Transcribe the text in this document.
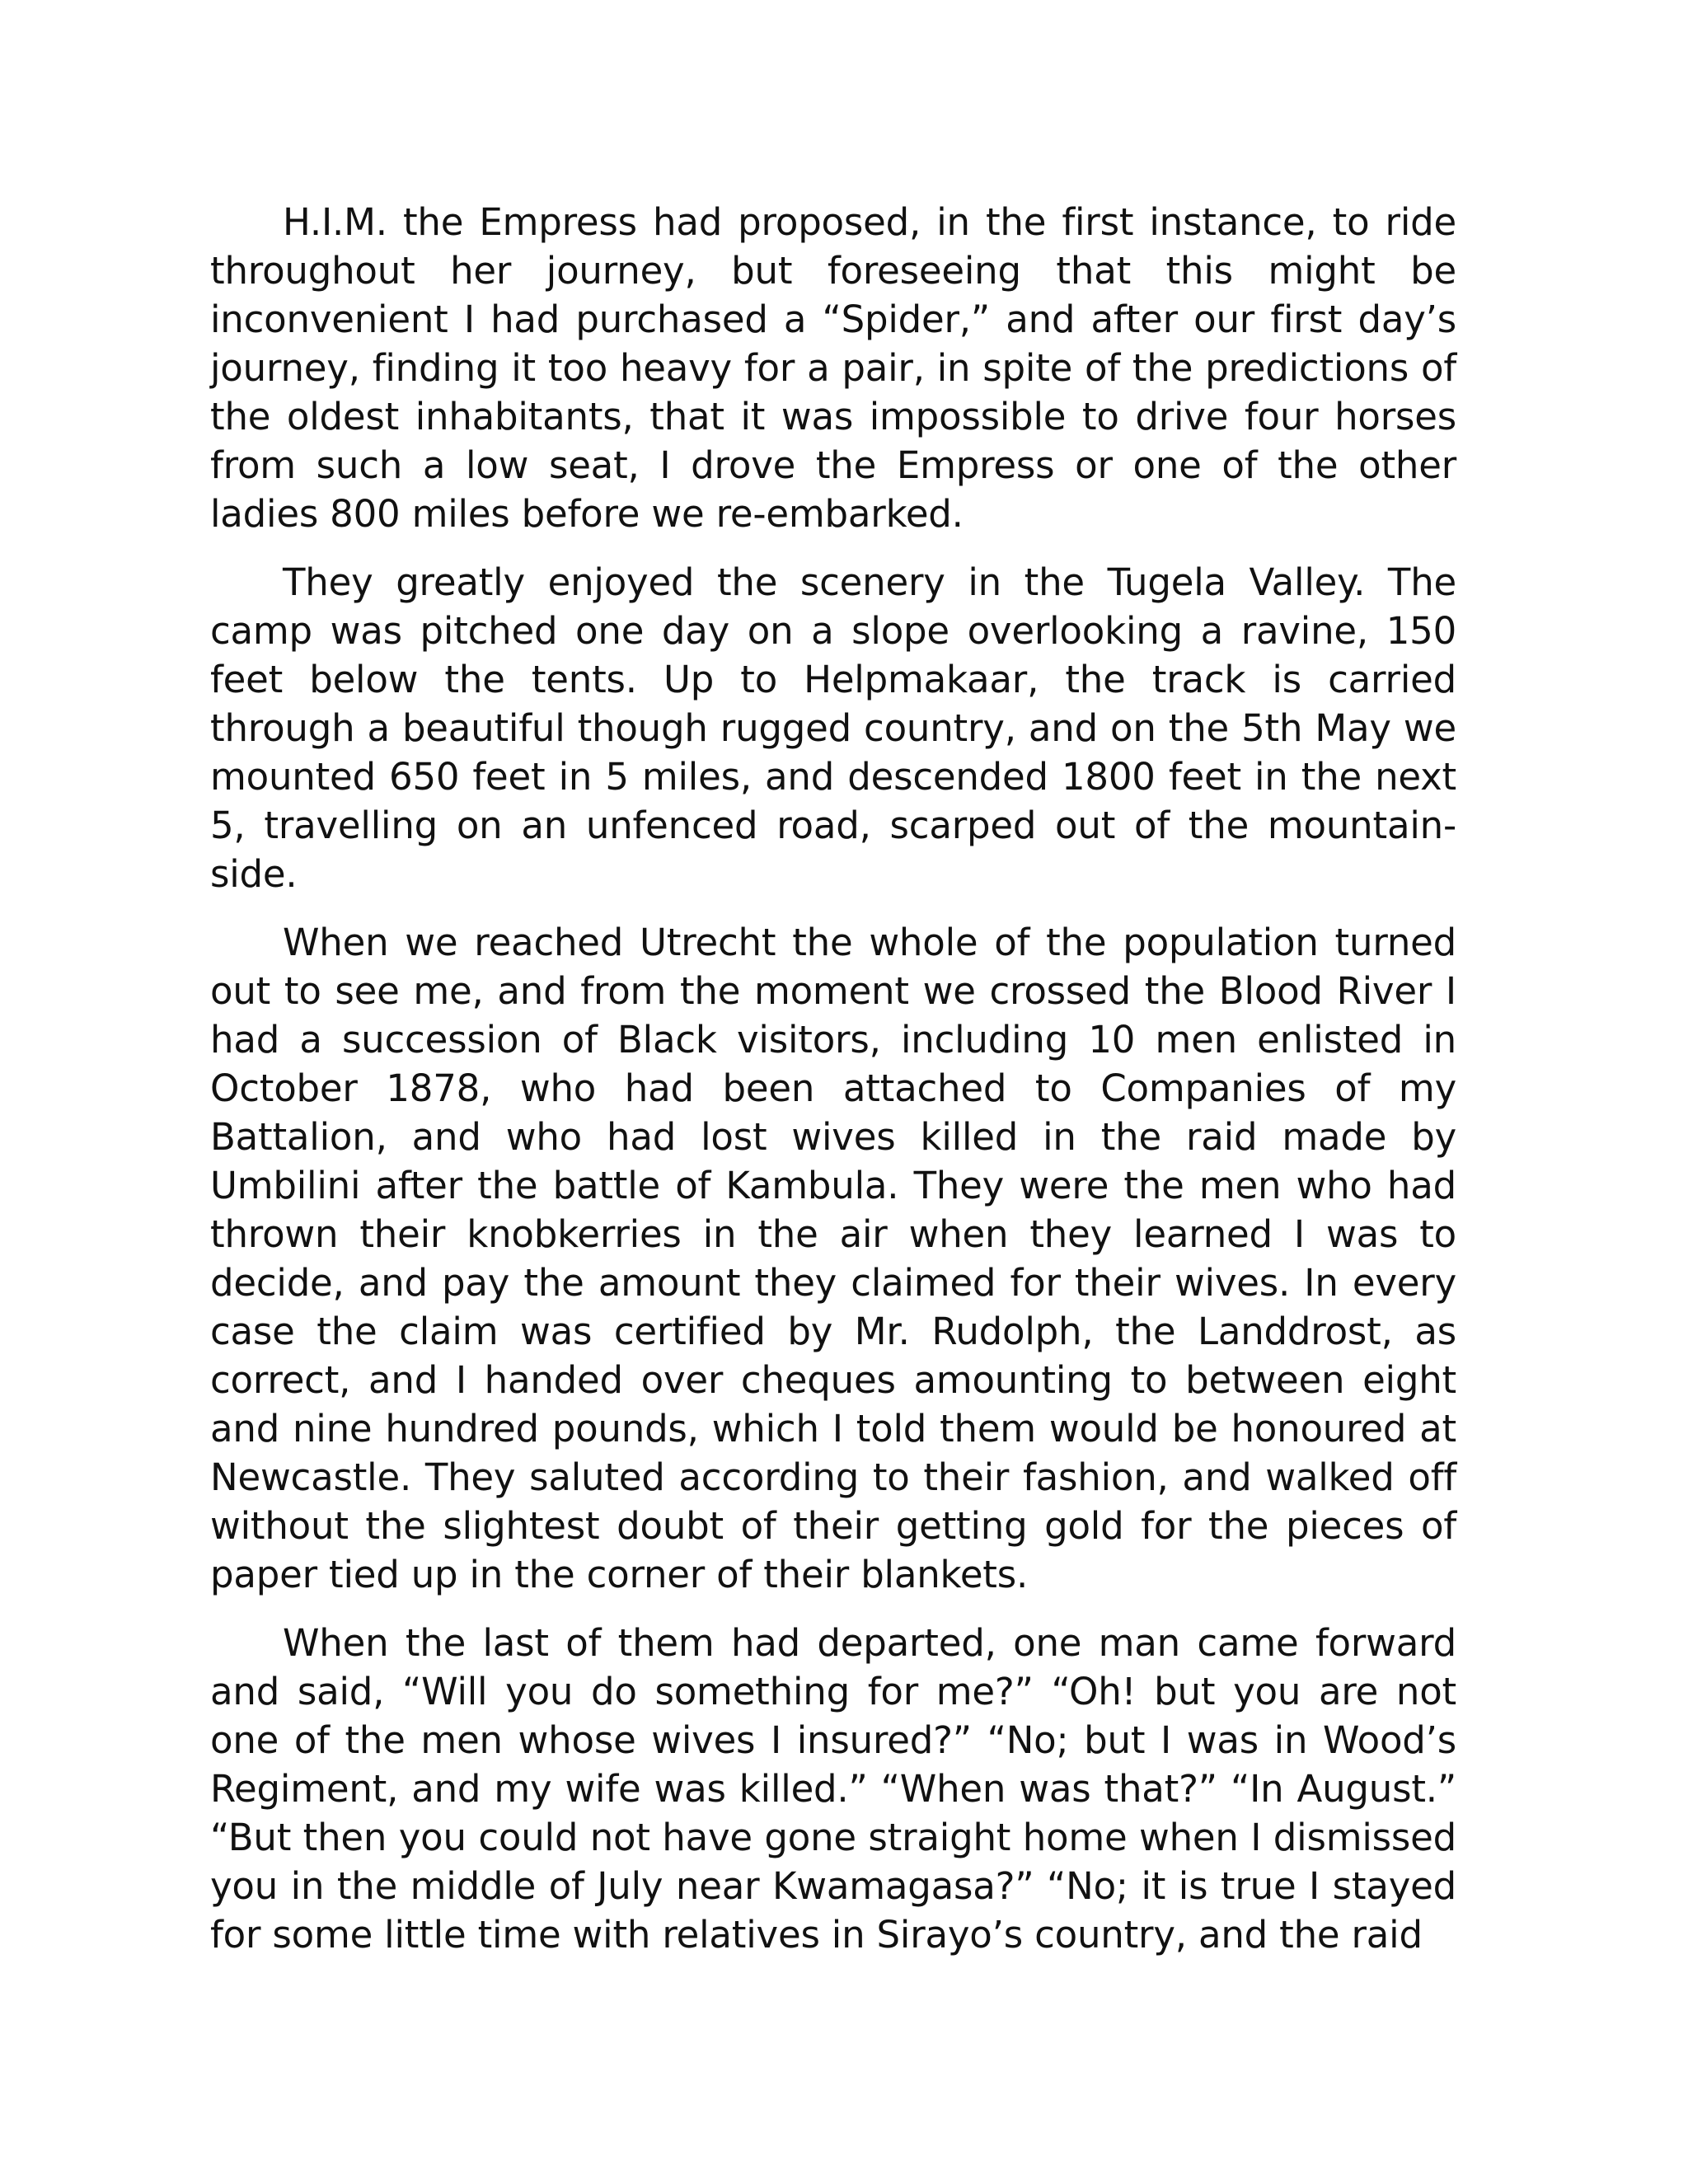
H.I.M. the Empress had proposed, in the first instance, to ride throughout her journey, but foreseeing that this might be inconvenient I had purchased a “Spider,” and after our first day’s journey, finding it too heavy for a pair, in spite of the predictions of the oldest inhabitants, that it was impossible to drive four horses from such a low seat, I drove the Empress or one of the other ladies 800 miles before we re-embarked.

They greatly enjoyed the scenery in the Tugela Valley. The camp was pitched one day on a slope overlooking a ravine, 150 feet below the tents. Up to Helpmakaar, the track is carried through a beautiful though rugged country, and on the 5th May we mounted 650 feet in 5 miles, and descended 1800 feet in the next 5, travelling on an unfenced road, scarped out of the mountain-side.

When we reached Utrecht the whole of the population turned out to see me, and from the moment we crossed the Blood River I had a succession of Black visitors, including 10 men enlisted in October 1878, who had been attached to Companies of my Battalion, and who had lost wives killed in the raid made by Umbilini after the battle of Kambula. They were the men who had thrown their knobkerries in the air when they learned I was to decide, and pay the amount they claimed for their wives. In every case the claim was certified by Mr. Rudolph, the Landdrost, as correct, and I handed over cheques amounting to between eight and nine hundred pounds, which I told them would be honoured at Newcastle. They saluted according to their fashion, and walked off without the slightest doubt of their getting gold for the pieces of paper tied up in the corner of their blankets.

When the last of them had departed, one man came forward and said, “Will you do something for me?” “Oh! but you are not one of the men whose wives I insured?” “No; but I was in Wood’s Regiment, and my wife was killed.” “When was that?” “In August.” “But then you could not have gone straight home when I dismissed you in the middle of July near Kwamagasa?” “No; it is true I stayed for some little time with relatives in Sirayo’s country, and the raid
